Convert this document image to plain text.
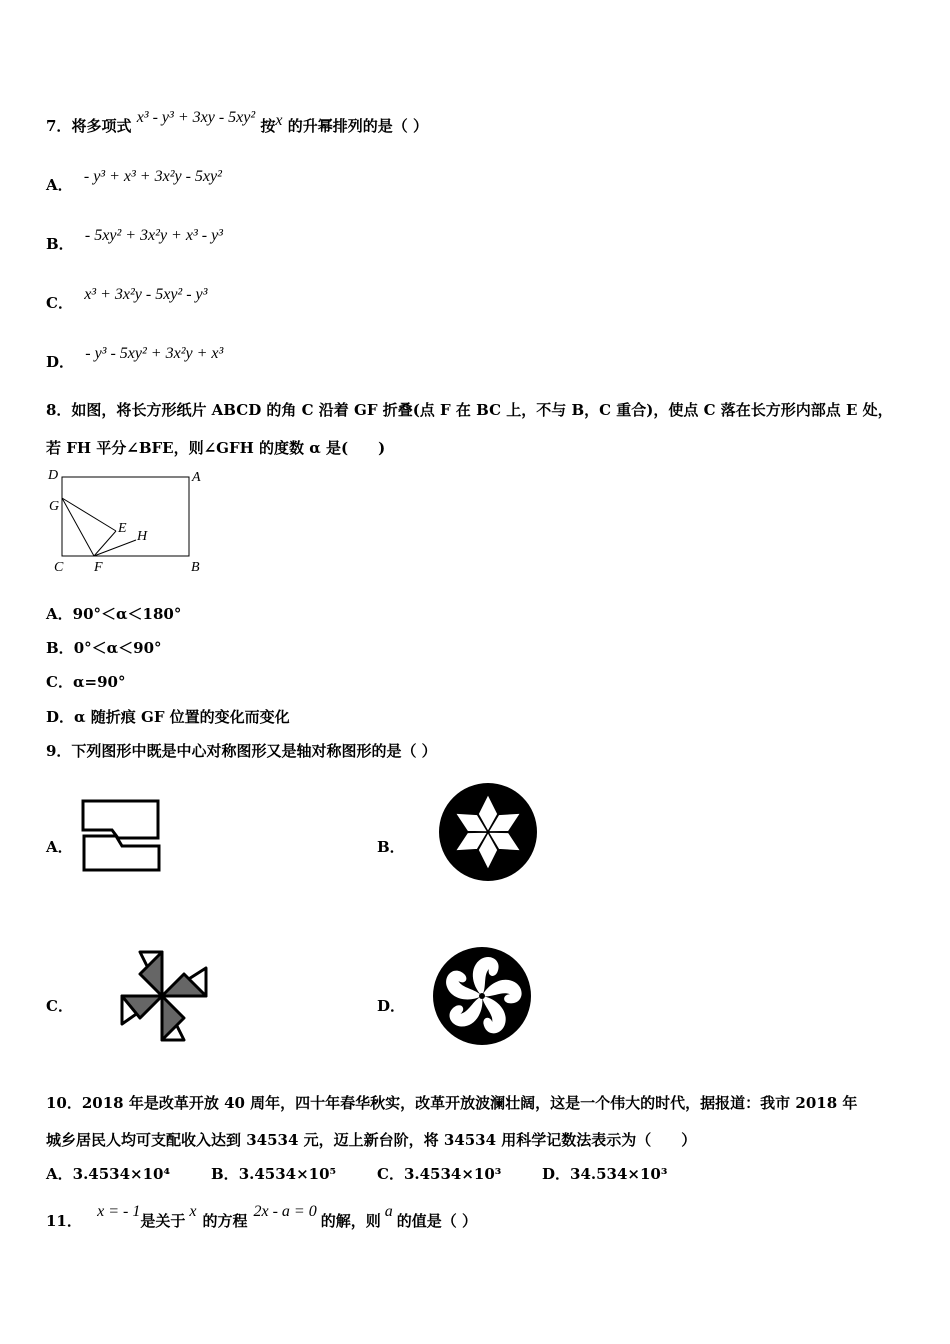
7．将多项式 x³ - y³ + 3xy - 5xy² 按x 的升幂排列的是（ ）
A． - y³ + x³ + 3x²y - 5xy²
B． - 5xy² + 3x²y + x³ - y³
C． x³ + 3x²y - 5xy² - y³
D． - y³ - 5xy² + 3x²y + x³
8．如图，将长方形纸片 ABCD 的角 C 沿着 GF 折叠(点 F 在 BC 上，不与 B，C 重合)，使点 C 落在长方形内部点 E 处，
若 FH 平分∠BFE，则∠GFH 的度数 α 是(　　)
D	A
G
E
H
C F	B
A．90°＜α＜180°
B．0°＜α＜90°
C．α=90°
D．α 随折痕 GF 位置的变化而变化
9．下列图形中既是中心对称图形又是轴对称图形的是（ ）
A．	B．
C．	D．
10．2018 年是改革开放 40 周年，四十年春华秋实，改革开放波澜壮阔，这是一个伟大的时代，据报道：我市 2018 年
城乡居民人均可支配收入达到 34534 元，迈上新台阶，将 34534 用科学记数法表示为（　　）
A．3.4534×10⁴	B．3.4534×10⁵	C．3.4534×10³	D．34.534×10³
11． x = - 1是关于x的方程2x - a = 0的解，则a的值是（ ）
